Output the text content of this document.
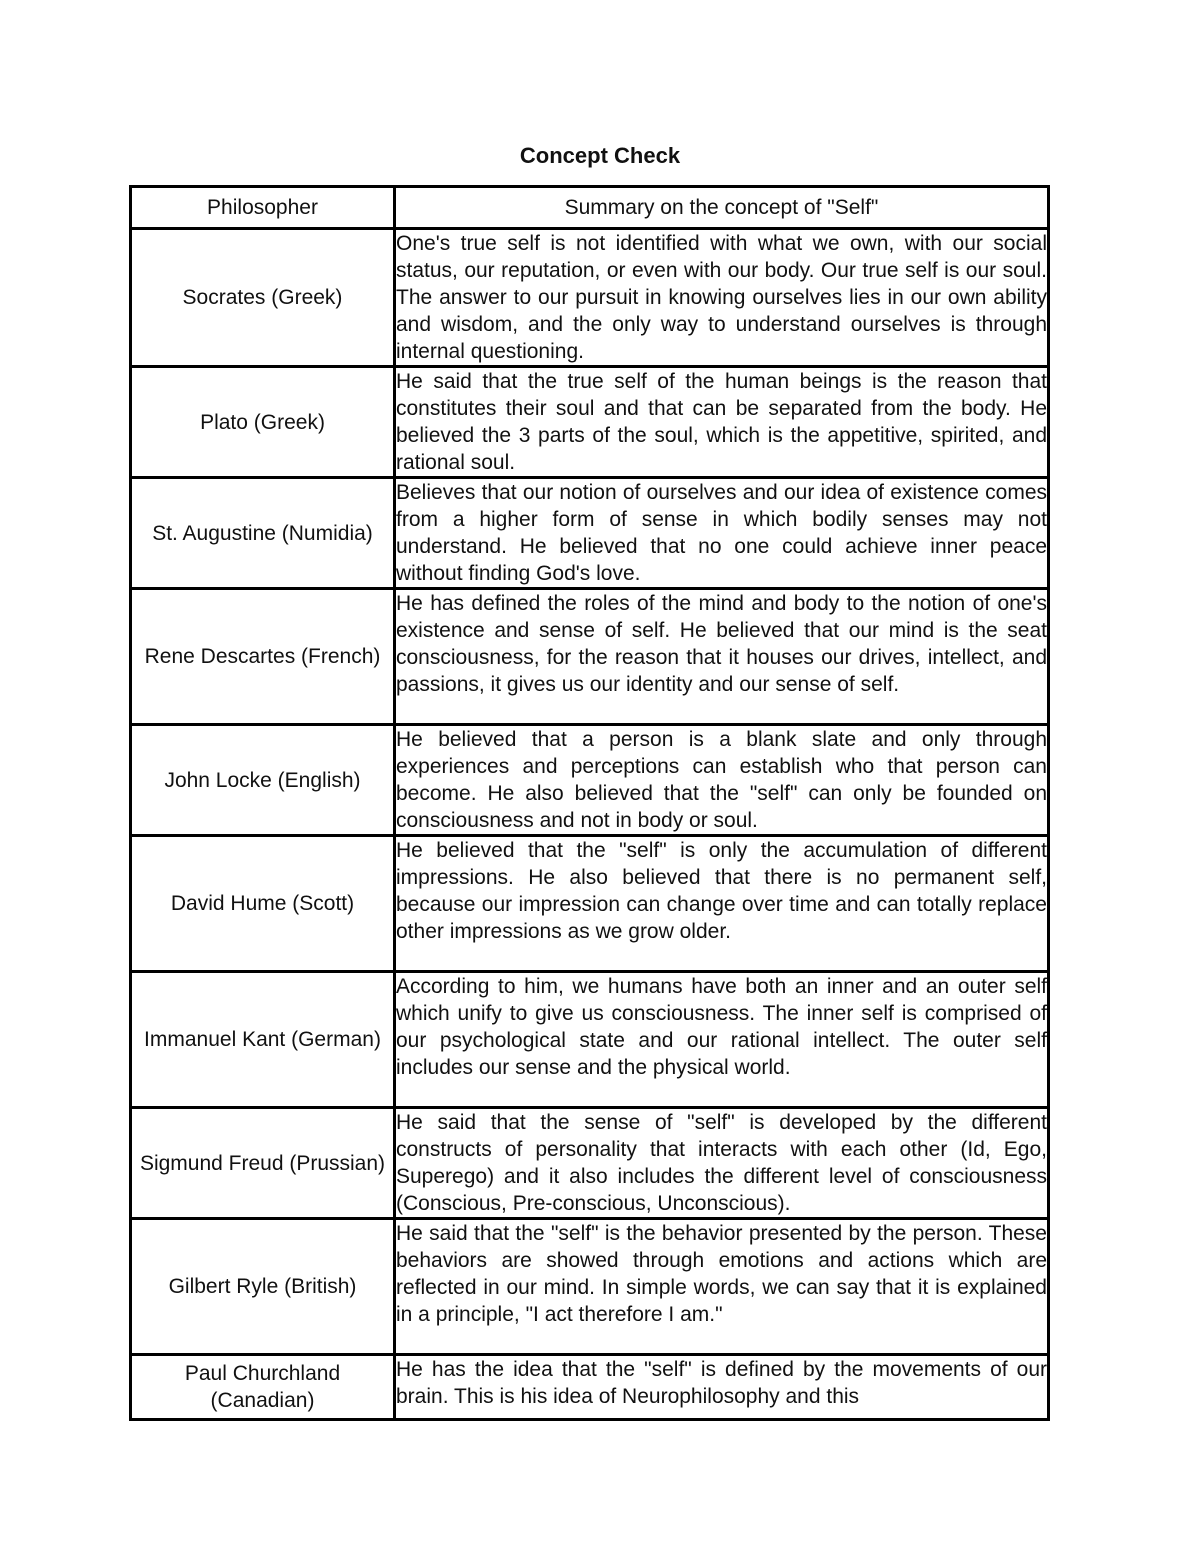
Concept Check
Philosopher	Summary on the concept of "Self"
Socrates (Greek)	One's true self is not identified with what we own, with our social status, our reputation, or even with our body. Our true self is our soul. The answer to our pursuit in knowing ourselves lies in our own ability and wisdom, and the only way to understand ourselves is through internal questioning.
Plato (Greek)	He said that the true self of the human beings is the reason that constitutes their soul and that can be separated from the body. He believed the 3 parts of the soul, which is the appetitive, spirited, and rational soul.
St. Augustine (Numidia)	Believes that our notion of ourselves and our idea of existence comes from a higher form of sense in which bodily senses may not understand. He believed that no one could achieve inner peace without finding God's love.
Rene Descartes (French)	He has defined the roles of the mind and body to the notion of one's existence and sense of self. He believed that our mind is the seat consciousness, for the reason that it houses our drives, intellect, and passions, it gives us our identity and our sense of self.
John Locke (English)	He believed that a person is a blank slate and only through experiences and perceptions can establish who that person can become. He also believed that the "self" can only be founded on consciousness and not in body or soul.
David Hume (Scott)	He believed that the "self" is only the accumulation of different impressions. He also believed that there is no permanent self, because our impression can change over time and can totally replace other impressions as we grow older.
Immanuel Kant (German)	According to him, we humans have both an inner and an outer self which unify to give us consciousness. The inner self is comprised of our psychological state and our rational intellect. The outer self includes our sense and the physical world.
Sigmund Freud (Prussian)	He said that the sense of "self" is developed by the different constructs of personality that interacts with each other (Id, Ego, Superego) and it also includes the different level of consciousness (Conscious, Pre-conscious, Unconscious).
Gilbert Ryle (British)	He said that the "self" is the behavior presented by the person. These behaviors are showed through emotions and actions which are reflected in our mind. In simple words, we can say that it is explained in a principle, "I act therefore I am."
Paul Churchland (Canadian)	He has the idea that the "self" is defined by the movements of our brain. This is his idea of Neurophilosophy and this
